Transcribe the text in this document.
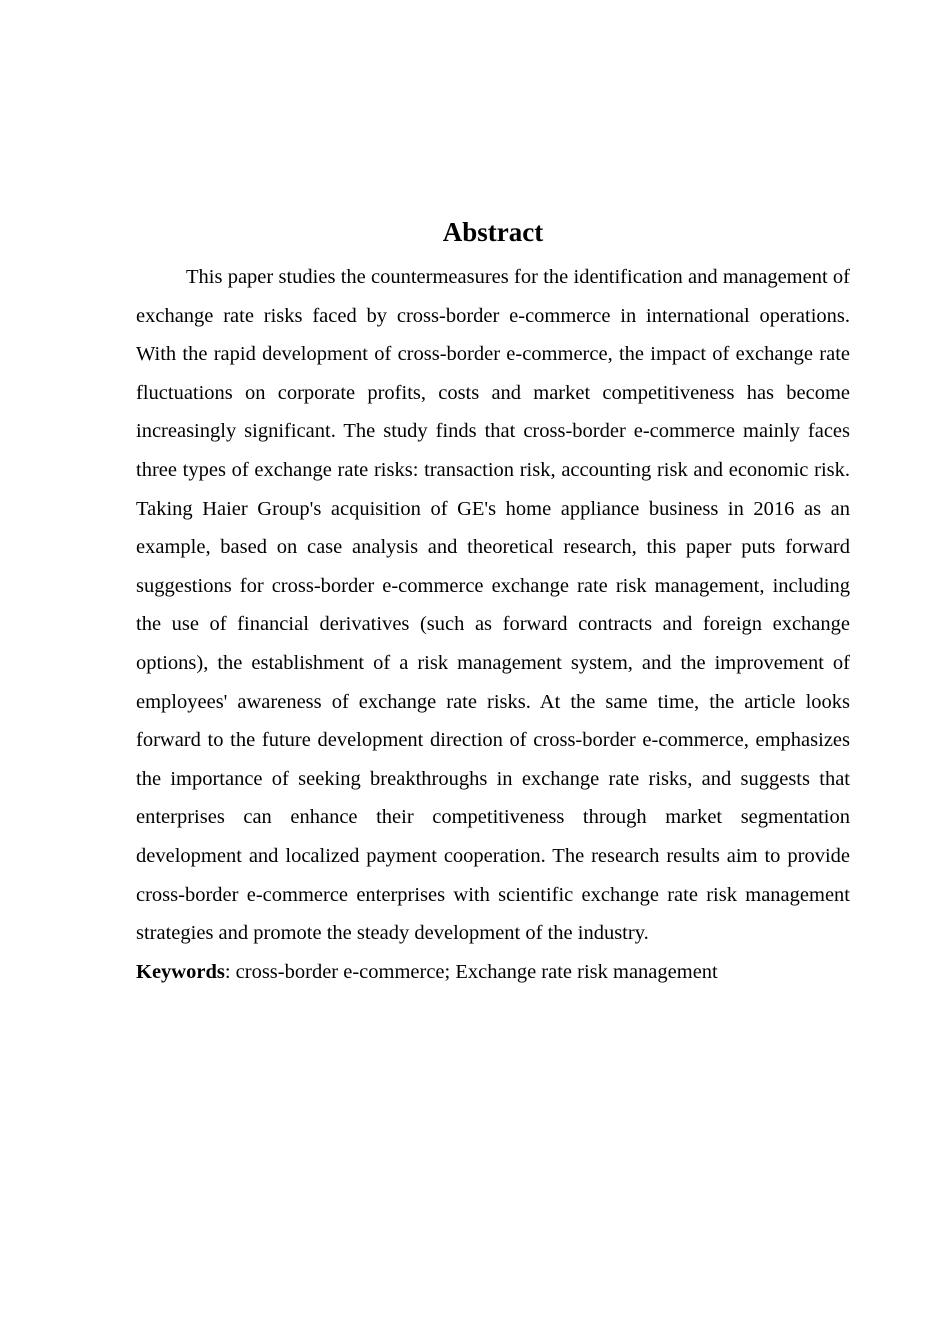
Abstract

This paper studies the countermeasures for the identification and management of exchange rate risks faced by cross-border e-commerce in international operations. With the rapid development of cross-border e-commerce, the impact of exchange rate fluctuations on corporate profits, costs and market competitiveness has become increasingly significant. The study finds that cross-border e-commerce mainly faces three types of exchange rate risks: transaction risk, accounting risk and economic risk. Taking Haier Group's acquisition of GE's home appliance business in 2016 as an example, based on case analysis and theoretical research, this paper puts forward suggestions for cross-border e-commerce exchange rate risk management, including the use of financial derivatives (such as forward contracts and foreign exchange options), the establishment of a risk management system, and the improvement of employees' awareness of exchange rate risks. At the same time, the article looks forward to the future development direction of cross-border e-commerce, emphasizes the importance of seeking breakthroughs in exchange rate risks, and suggests that enterprises can enhance their competitiveness through market segmentation development and localized payment cooperation. The research results aim to provide cross-border e-commerce enterprises with scientific exchange rate risk management strategies and promote the steady development of the industry.

Keywords: cross-border e-commerce; Exchange rate risk management
